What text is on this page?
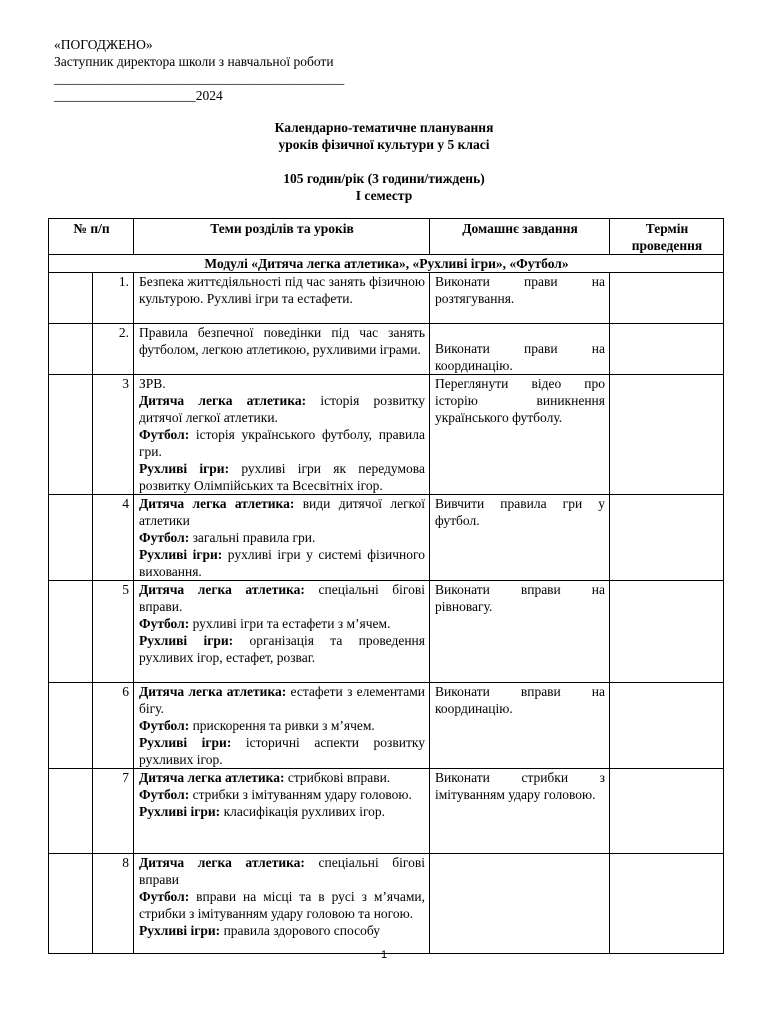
«ПОГОДЖЕНО»
Заступник директора школи з навчальної роботи
___________________________________________
_____________________2024
Календарно-тематичне планування
уроків фізичної культури у 5 класі
105 годин/рік (3 години/тиждень)
І семестр
№ п/п		Теми розділів та уроків	Домашнє завдання	Термін проведення
Модулі «Дитяча легка атлетика», «Рухливі ігри», «Футбол»				
	1.	Безпека життєдіяльності під час занять фізичною культурою. Рухливі ігри та естафети.	Виконати прави на розтягування.	
	2.	Правила безпечної поведінки під час занять футболом, легкою атлетикою, рухливими іграми.	Виконати прави на координацію.	
	3	ЗРВ.
Дитяча легка атлетика: історія розвитку дитячої легкої атлетики.
Футбол: історія українського футболу, правила гри.
Рухливі ігри: рухливі ігри як передумова розвитку Олімпійських та Всесвітніх ігор.	Переглянути відео про історію виникнення українського футболу.	
	4	Дитяча легка атлетика: види дитячої легкої атлетики
Футбол: загальні правила гри.
Рухливі ігри: рухливі ігри у системі фізичного виховання.	Вивчити правила гри у футбол.	
	5	Дитяча легка атлетика: спеціальні бігові вправи.
Футбол: рухливі ігри та естафети з м’ячем.
Рухливі ігри: організація та проведення рухливих ігор, естафет, розваг.	Виконати вправи на рівновагу.	
	6	Дитяча легка атлетика: естафети з елементами бігу.
Футбол: прискорення та ривки з м’ячем.
Рухливі ігри: історичні аспекти розвитку рухливих ігор.	Виконати вправи на координацію.	
	7	Дитяча легка атлетика: стрибкові вправи.
Футбол: стрибки з імітуванням удару головою.
Рухливі ігри: класифікація рухливих ігор.	Виконати стрибки з імітуванням удару головою.	
	8	Дитяча легка атлетика: спеціальні бігові вправи
Футбол: вправи на місці та в русі з м’ячами, стрибки з імітуванням удару головою та ногою.
Рухливі ігри: правила здорового способу		

1
